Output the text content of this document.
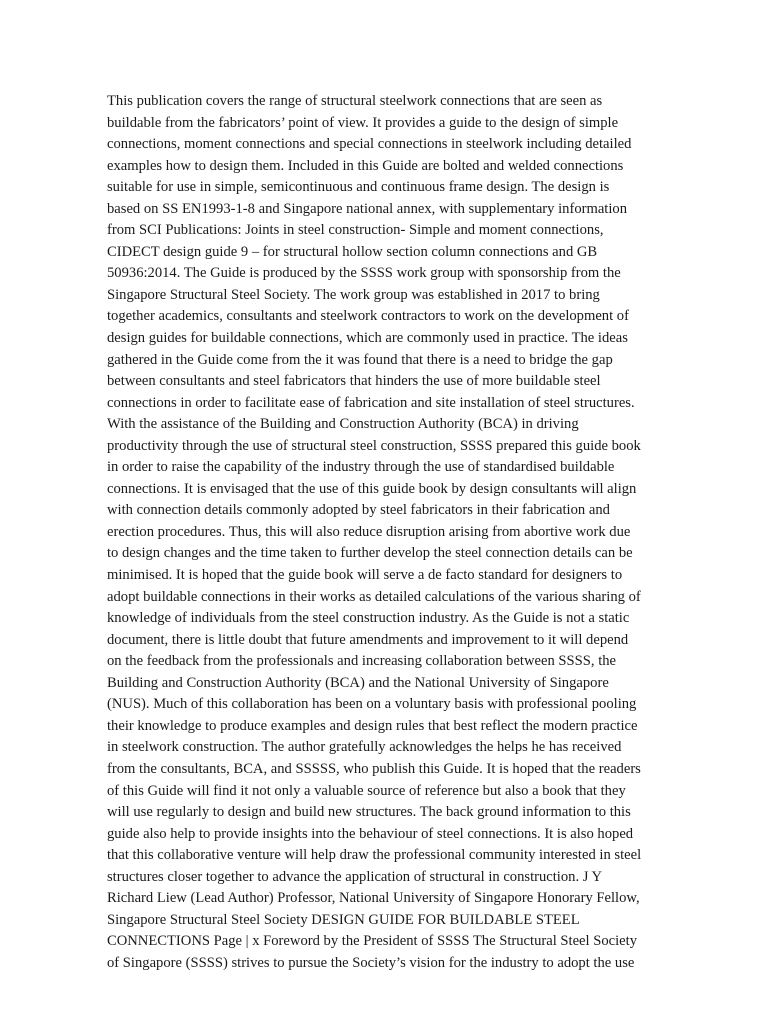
This publication covers the range of structural steelwork connections that are seen as
buildable from the fabricators’ point of view. It provides a guide to the design of simple
connections, moment connections and special connections in steelwork including detailed
examples how to design them. Included in this Guide are bolted and welded connections
suitable for use in simple, semicontinuous and continuous frame design. The design is
based on SS EN1993-1-8 and Singapore national annex, with supplementary information
from SCI Publications: Joints in steel construction- Simple and moment connections,
CIDECT design guide 9 – for structural hollow section column connections and GB
50936:2014. The Guide is produced by the SSSS work group with sponsorship from the
Singapore Structural Steel Society. The work group was established in 2017 to bring
together academics, consultants and steelwork contractors to work on the development of
design guides for buildable connections, which are commonly used in practice. The ideas
gathered in the Guide come from the it was found that there is a need to bridge the gap
between consultants and steel fabricators that hinders the use of more buildable steel
connections in order to facilitate ease of fabrication and site installation of steel structures.
With the assistance of the Building and Construction Authority (BCA) in driving
productivity through the use of structural steel construction, SSSS prepared this guide book
in order to raise the capability of the industry through the use of standardised buildable
connections. It is envisaged that the use of this guide book by design consultants will align
with connection details commonly adopted by steel fabricators in their fabrication and
erection procedures. Thus, this will also reduce disruption arising from abortive work due
to design changes and the time taken to further develop the steel connection details can be
minimised. It is hoped that the guide book will serve a de facto standard for designers to
adopt buildable connections in their works as detailed calculations of the various sharing of
knowledge of individuals from the steel construction industry. As the Guide is not a static
document, there is little doubt that future amendments and improvement to it will depend
on the feedback from the professionals and increasing collaboration between SSSS, the
Building and Construction Authority (BCA) and the National University of Singapore
(NUS). Much of this collaboration has been on a voluntary basis with professional pooling
their knowledge to produce examples and design rules that best reflect the modern practice
in steelwork construction. The author gratefully acknowledges the helps he has received
from the consultants, BCA, and SSSSS, who publish this Guide. It is hoped that the readers
of this Guide will find it not only a valuable source of reference but also a book that they
will use regularly to design and build new structures. The back ground information to this
guide also help to provide insights into the behaviour of steel connections. It is also hoped
that this collaborative venture will help draw the professional community interested in steel
structures closer together to advance the application of structural in construction. J Y
Richard Liew (Lead Author) Professor, National University of Singapore Honorary Fellow,
Singapore Structural Steel Society DESIGN GUIDE FOR BUILDABLE STEEL
CONNECTIONS Page | x Foreword by the President of SSSS The Structural Steel Society
of Singapore (SSSS) strives to pursue the Society’s vision for the industry to adopt the use
